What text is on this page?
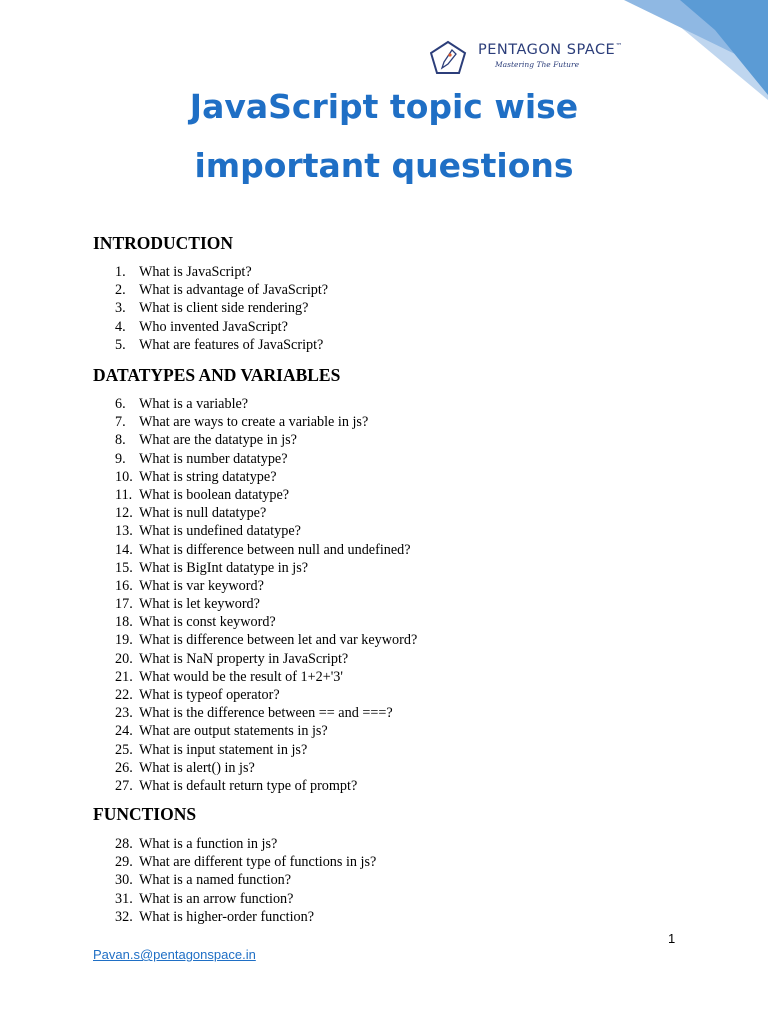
PENTAGON SPACE™
Mastering The Future
JavaScript topic wise
important questions
INTRODUCTION
1. What is JavaScript?
2. What is advantage of JavaScript?
3. What is client side rendering?
4. Who invented JavaScript?
5. What are features of JavaScript?
DATATYPES AND VARIABLES
6. What is a variable?
7. What are ways to create a variable in js?
8. What are the datatype in js?
9. What is number datatype?
10. What is string datatype?
11. What is boolean datatype?
12. What is null datatype?
13. What is undefined datatype?
14. What is difference between null and undefined?
15. What is BigInt datatype in js?
16. What is var keyword?
17. What is let keyword?
18. What is const keyword?
19. What is difference between let and var keyword?
20. What is NaN property in JavaScript?
21. What would be the result of 1+2+'3'
22. What is typeof operator?
23. What is the difference between == and ===?
24. What are output statements in js?
25. What is input statement in js?
26. What is alert() in js?
27. What is default return type of prompt?
FUNCTIONS
28. What is a function in js?
29. What are different type of functions in js?
30. What is a named function?
31. What is an arrow function?
32. What is higher-order function?
1
Pavan.s@pentagonspace.in
